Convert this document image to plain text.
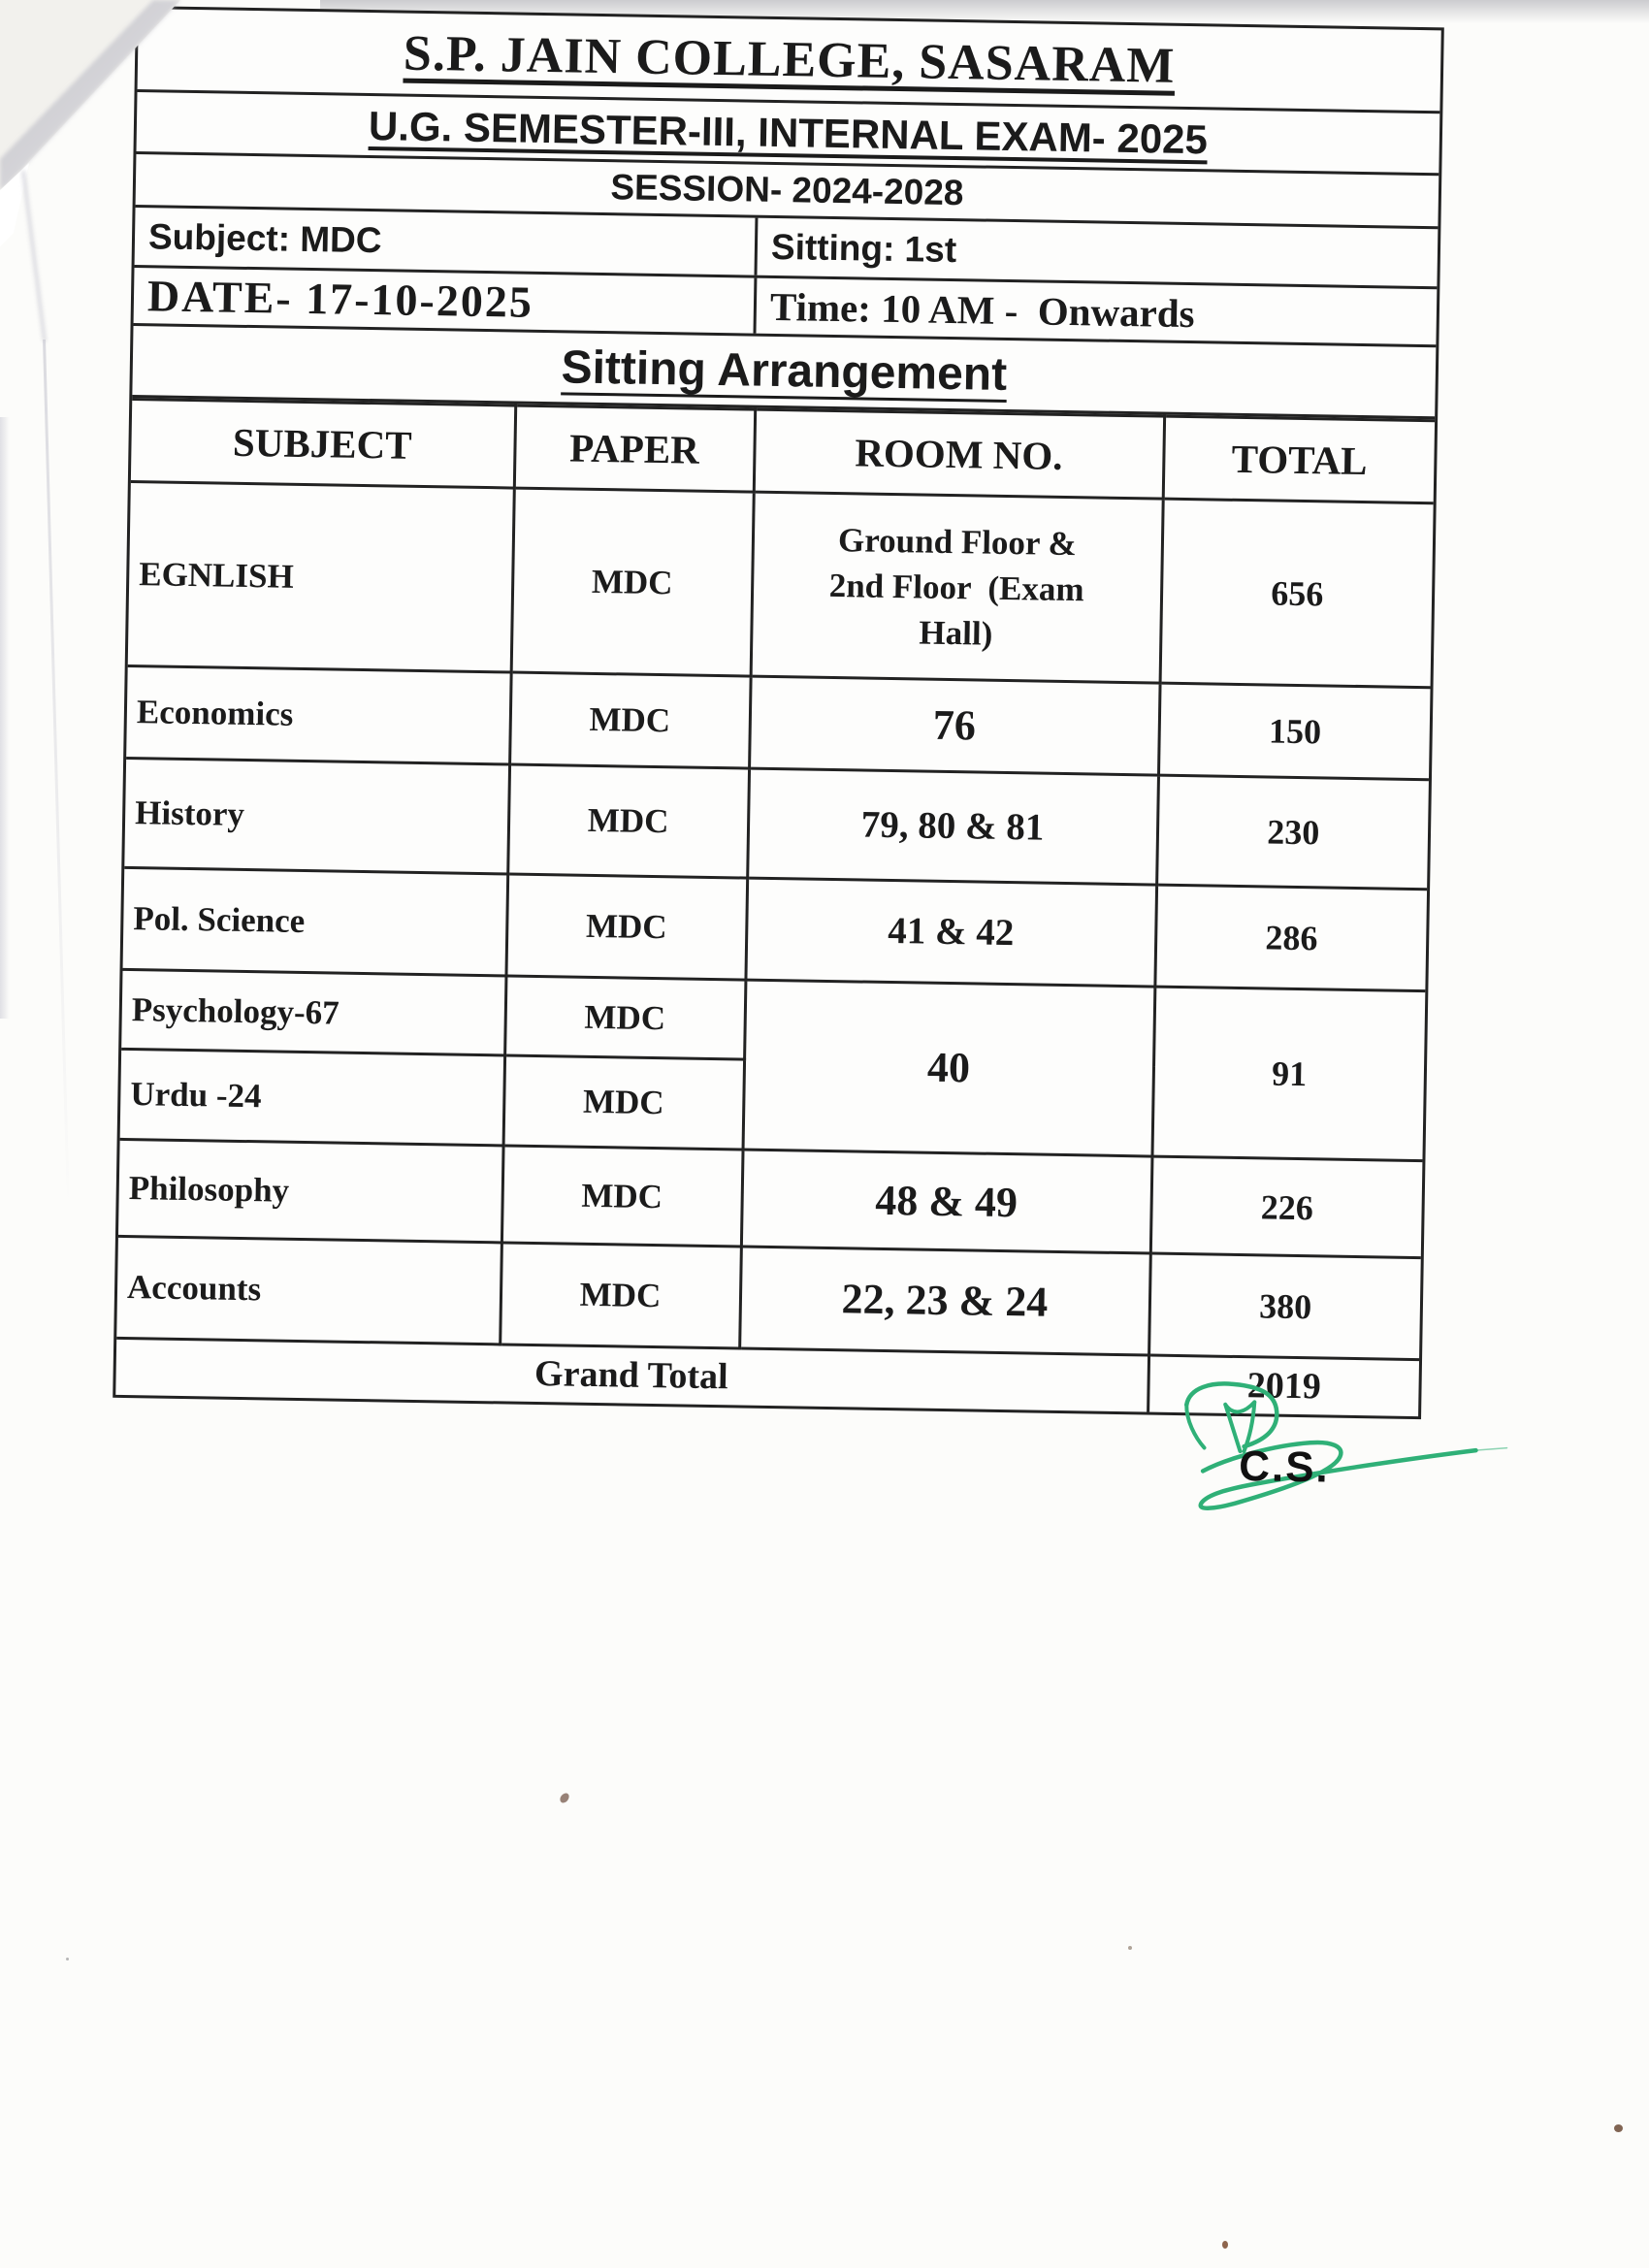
S.P. JAIN COLLEGE, SASARAM
U.G. SEMESTER-III, INTERNAL EXAM- 2025
SESSION- 2024-2028
Subject: MDC	Sitting: 1st
DATE- 17-10-2025	Time: 10 AM -  Onwards
Sitting Arrangement
SUBJECT	PAPER	ROOM NO.	TOTAL
EGNLISH	MDC	Ground Floor &
2nd Floor  (Exam
Hall)	656
Economics	MDC	76	150
History	MDC	79, 80 & 81	230
Pol. Science	MDC	41 & 42	286
Psychology-67	MDC	40	91
Urdu -24	MDC		
Philosophy	MDC	48 & 49	226
Accounts	MDC	22, 23 & 24	380
Grand Total			2019
C.S.
